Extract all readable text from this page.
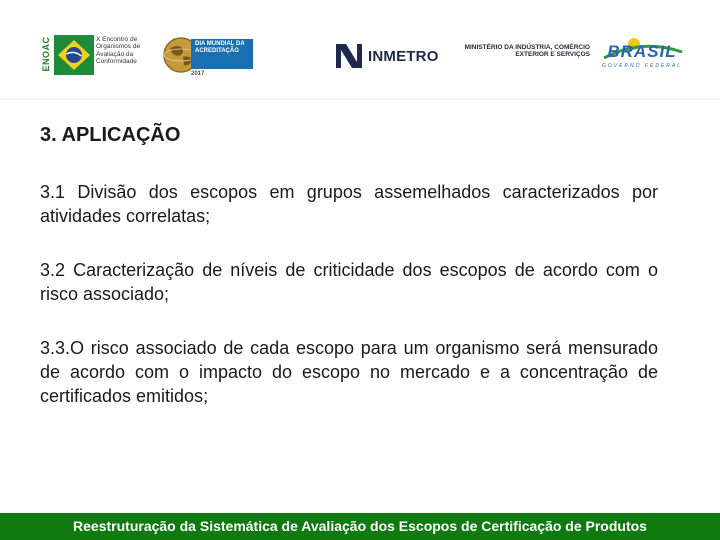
ENOAC	X Encontro de Organismos de Avaliação da Conformidade
DIA MUNDIAL DA ACREDITAÇÃO
2017
INMETRO
MINISTÉRIO DA INDÚSTRIA, COMÉRCIO EXTERIOR E SERVIÇOS	BRASIL
GOVERNO FEDERAL
3. APLICAÇÃO

3.1 Divisão dos escopos em grupos assemelhados caracterizados por atividades correlatas;

3.2 Caracterização de níveis de criticidade dos escopos de acordo com o risco associado;

3.3.O risco associado de cada escopo para um organismo será mensurado de acordo com o impacto do escopo no mercado e a concentração de certificados emitidos;

Reestruturação da Sistemática de Avaliação dos Escopos de Certificação de Produtos
